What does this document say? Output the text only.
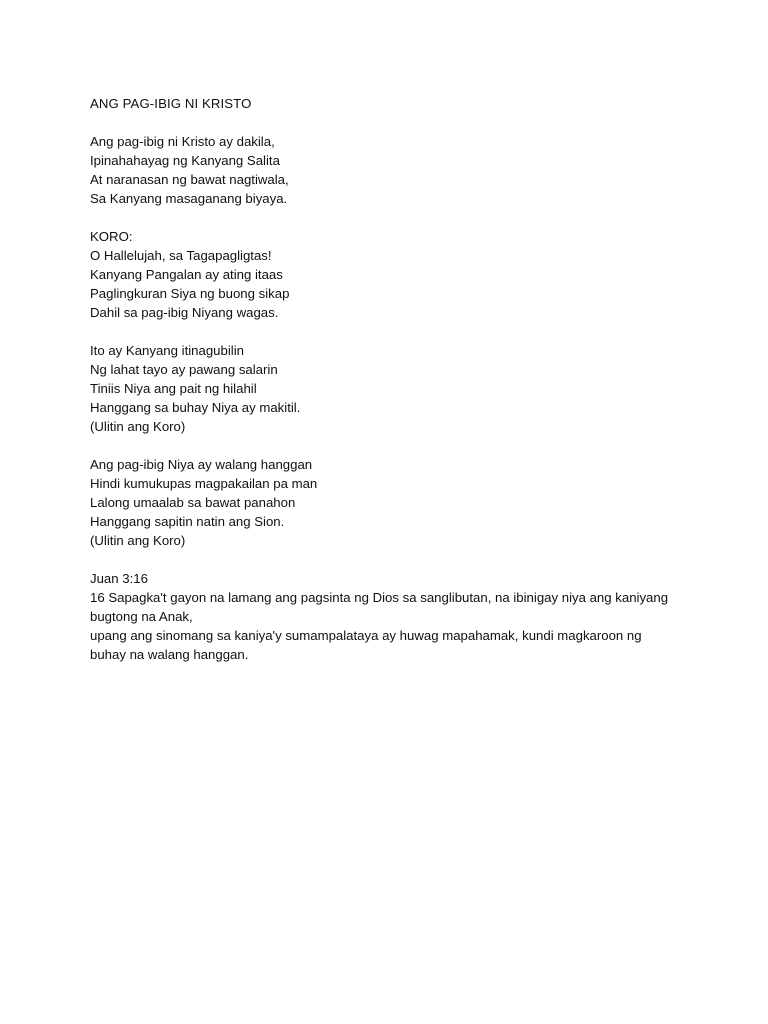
ANG PAG-IBIG NI KRISTO
Ang pag-ibig ni Kristo ay dakila,
Ipinahahayag ng Kanyang Salita
At naranasan ng bawat nagtiwala,
Sa Kanyang masaganang biyaya.
KORO:
O Hallelujah, sa Tagapagligtas!
Kanyang Pangalan ay ating itaas
Paglingkuran Siya ng buong sikap
Dahil sa pag-ibig Niyang wagas.
Ito ay Kanyang itinagubilin
Ng lahat tayo ay pawang salarin
Tiniis Niya ang pait ng hilahil
Hanggang sa buhay Niya ay makitil.
(Ulitin ang Koro)
Ang pag-ibig Niya ay walang hanggan
Hindi kumukupas magpakailan pa man
Lalong umaalab sa bawat panahon
Hanggang sapitin natin ang Sion.
(Ulitin ang Koro)
Juan 3:16
16 Sapagka't gayon na lamang ang pagsinta ng Dios sa sanglibutan, na ibinigay niya ang kaniyang bugtong na Anak,
upang ang sinomang sa kaniya'y sumampalataya ay huwag mapahamak, kundi magkaroon ng buhay na walang hanggan.
